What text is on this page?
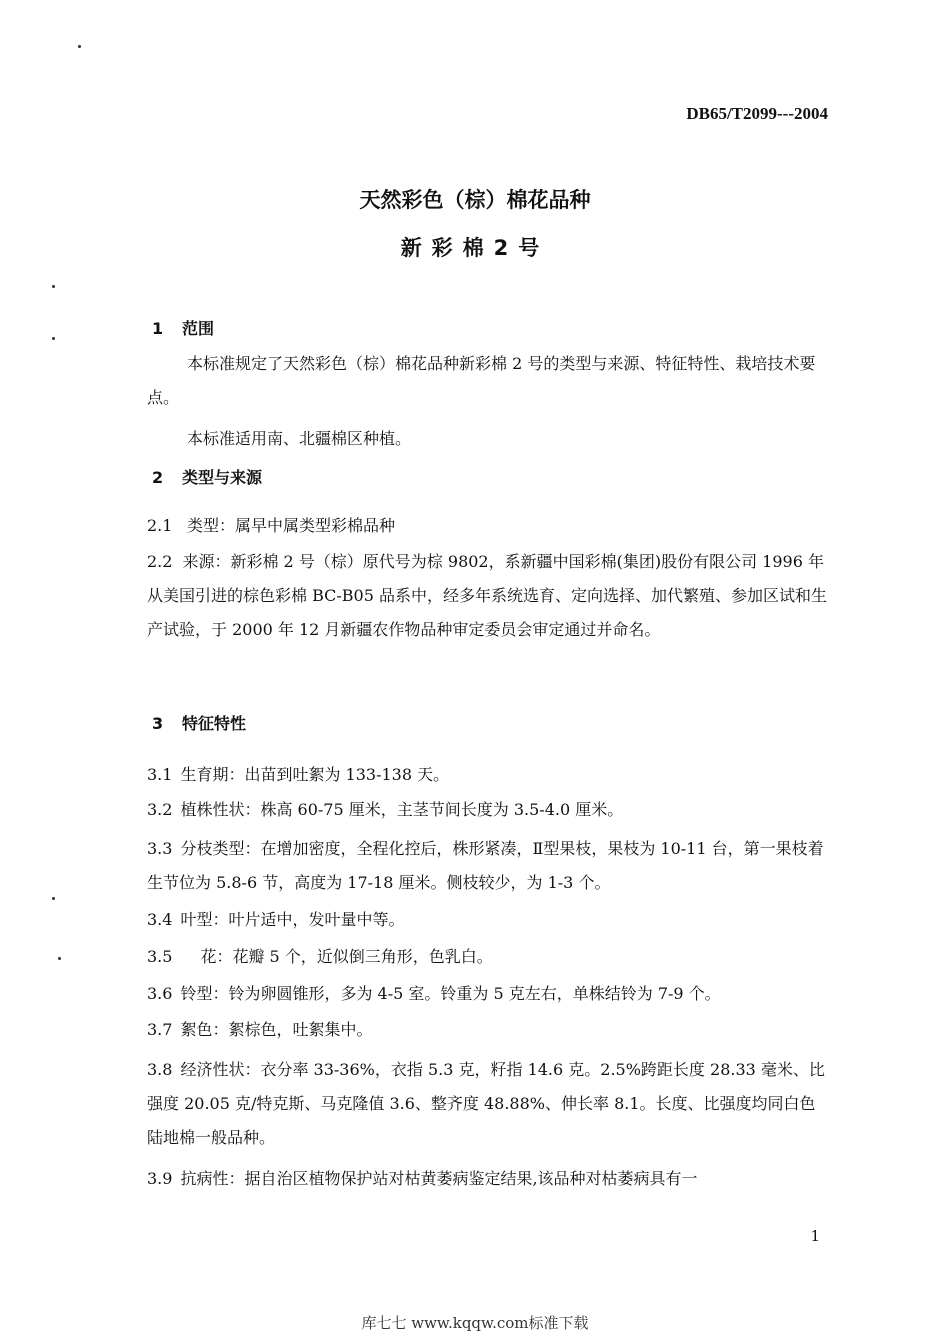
DB65/T2099---2004
天然彩色（棕）棉花品种
新彩棉2号
1 范围
本标准规定了天然彩色（棕）棉花品种新彩棉 2 号的类型与来源、特征特性、栽培技术要点。
本标准适用南、北疆棉区种植。
2 类型与来源
2.1 类型：属早中属类型彩棉品种
2.2 来源：新彩棉 2 号（棕）原代号为棕 9802，系新疆中国彩棉(集团)股份有限公司 1996 年从美国引进的棕色彩棉 BC-B05 品系中，经多年系统选育、定向选择、加代繁殖、参加区试和生产试验，于 2000 年 12 月新疆农作物品种审定委员会审定通过并命名。
3 特征特性
3.1 生育期：出苗到吐絮为 133-138 天。
3.2 植株性状：株高 60-75 厘米，主茎节间长度为 3.5-4.0 厘米。
3.3 分枝类型：在增加密度，全程化控后，株形紧凑，Ⅱ型果枝，果枝为 10-11 台，第一果枝着生节位为 5.8-6 节，高度为 17-18 厘米。侧枝较少，为 1-3 个。
3.4 叶型：叶片适中，发叶量中等。
3.5 花：花瓣 5 个，近似倒三角形，色乳白。
3.6 铃型：铃为卵圆锥形，多为 4-5 室。铃重为 5 克左右，单株结铃为 7-9 个。
3.7 絮色：絮棕色，吐絮集中。
3.8 经济性状：衣分率 33-36%，衣指 5.3 克，籽指 14.6 克。2.5%跨距长度 28.33 毫米、比强度 20.05 克/特克斯、马克隆值 3.6、整齐度 48.88%、伸长率 8.1。长度、比强度均同白色陆地棉一般品种。
3.9 抗病性：据自治区植物保护站对枯黄萎病鉴定结果,该品种对枯萎病具有一
1
库七七 www.kqqw.com标准下载
